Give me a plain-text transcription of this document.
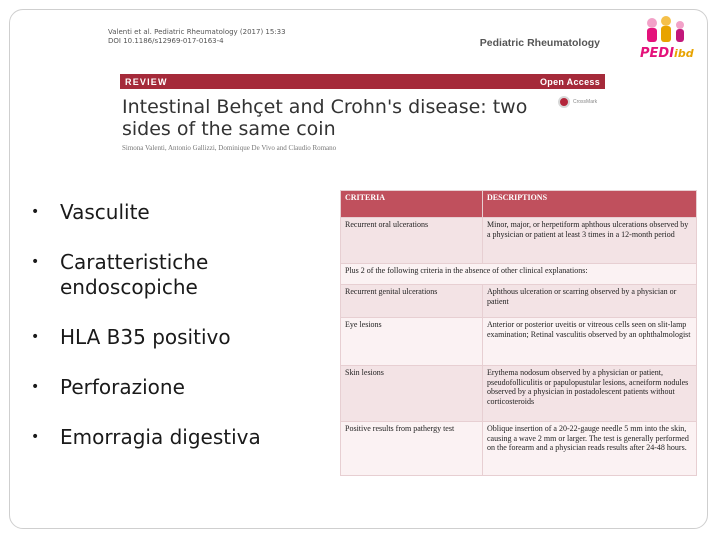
Valenti et al. Pediatric Rheumatology (2017) 15:33
DOI 10.1186/s12969-017-0163-4	Pediatric Rheumatology
REVIEW	Open Access
Intestinal Behçet and Crohn's disease: two
sides of the same coin
CrossMark
Simona Valenti, Antonio Gallizzi, Dominique De Vivo and Claudio Romano
PEDIibd
• Vasculite
• Caratteristiche endoscopiche
• HLA B35 positivo
• Perforazione
• Emorragia digestiva
CRITERIA	DESCRIPTIONS
Recurrent oral ulcerations	Minor, major, or herpetiform aphthous ulcerations observed by a physician or patient at least 3 times in a 12-month period
Plus 2 of the following criteria in the absence of other clinical explanations:	
Recurrent genital ulcerations	Aphthous ulceration or scarring observed by a physician or patient
Eye lesions	Anterior or posterior uveitis or vitreous cells seen on slit-lamp examination; Retinal vasculitis observed by an ophthalmologist
Skin lesions	Erythema nodosum observed by a physician or patient, pseudofolliculitis or papulopustular lesions, acneiform nodules observed by a physician in postadolescent patients without corticosteroids
Positive results from pathergy test	Oblique insertion of a 20-22-gauge needle 5 mm into the skin, causing a wave 2 mm or larger. The test is generally performed on the forearm and a physician reads results after 24-48 hours.
